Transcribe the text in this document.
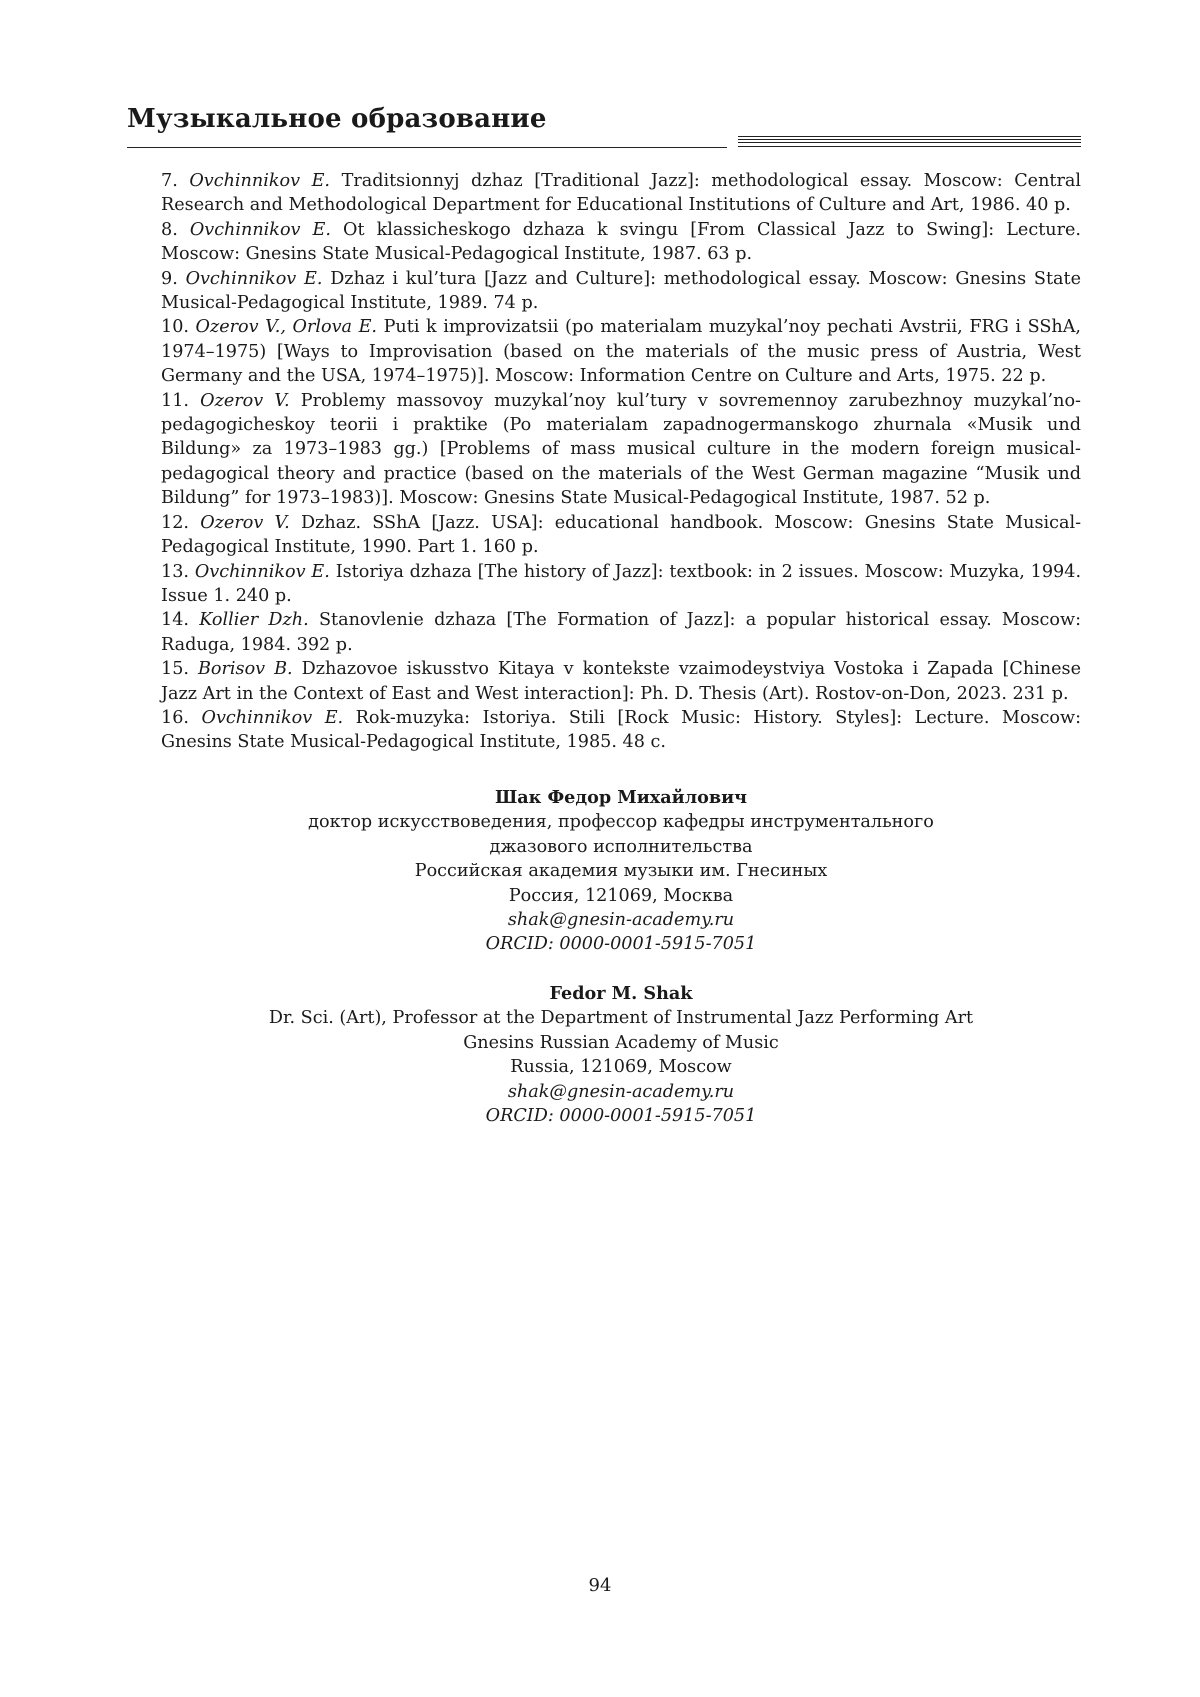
Музыкальное образование

7. Ovchinnikov E. Traditsionnyj dzhaz [Traditional Jazz]: methodological essay. Moscow: Central Research and Methodological Department for Educational Institutions of Culture and Art, 1986. 40 p.

8. Ovchinnikov E. Ot klassicheskogo dzhaza k svingu [From Classical Jazz to Swing]: Lecture. Moscow: Gnesins State Musical-Pedagogical Institute, 1987. 63 p.

9. Ovchinnikov E. Dzhaz i kul’tura [Jazz and Culture]: methodological essay. Moscow: Gnesins State Musical-Pedagogical Institute, 1989. 74 p.

10. Ozerov V., Orlova E. Puti k improvizatsii (po materialam muzykal’noy pechati Avstrii, FRG i SShA, 1974–1975) [Ways to Improvisation (based on the materials of the music press of Austria, West Germany and the USA, 1974–1975)]. Moscow: Information Centre on Culture and Arts, 1975. 22 p.

11. Ozerov V. Problemy massovoy muzykal’noy kul’tury v sovremennoy zarubezhnoy muzykal’no-pedagogicheskoy teorii i praktike (Po materialam zapadnogermanskogo zhurnala «Musik und Bildung» za 1973–1983 gg.) [Problems of mass musical culture in the modern foreign musical-pedagogical theory and practice (based on the materials of the West German magazine “Musik und Bildung” for 1973–1983)]. Moscow: Gnesins State Musical-Pedagogical Institute, 1987. 52 p.

12. Ozerov V. Dzhaz. SShA [Jazz. USA]: educational handbook. Moscow: Gnesins State Musical-Pedagogical Institute, 1990. Part 1. 160 p.

13. Ovchinnikov E. Istoriya dzhaza [The history of Jazz]: textbook: in 2 issues. Moscow: Muzyka, 1994. Issue 1. 240 p.

14. Kollier Dzh. Stanovlenie dzhaza [The Formation of Jazz]: a popular historical essay. Moscow: Raduga, 1984. 392 p.

15. Borisov B. Dzhazovoe iskusstvo Kitaya v kontekste vzaimodeystviya Vostoka i Zapada [Chinese Jazz Art in the Context of East and West interaction]: Ph. D. Thesis (Art). Rostov-on-Don, 2023. 231 p.

16. Ovchinnikov E. Rok-muzyka: Istoriya. Stili [Rock Music: History. Styles]: Lecture. Moscow: Gnesins State Musical-Pedagogical Institute, 1985. 48 c.

Шак Федор Михайлович
доктор искусствоведения, профессор кафедры инструментального
джазового исполнительства
Российская академия музыки им. Гнесиных
Россия, 121069, Москва
shak@gnesin-academy.ru
ORCID: 0000-0001-5915-7051
Fedor M. Shak
Dr. Sci. (Art), Professor at the Department of Instrumental Jazz Performing Art
Gnesins Russian Academy of Music
Russia, 121069, Moscow
shak@gnesin-academy.ru
ORCID: 0000-0001-5915-7051
94
